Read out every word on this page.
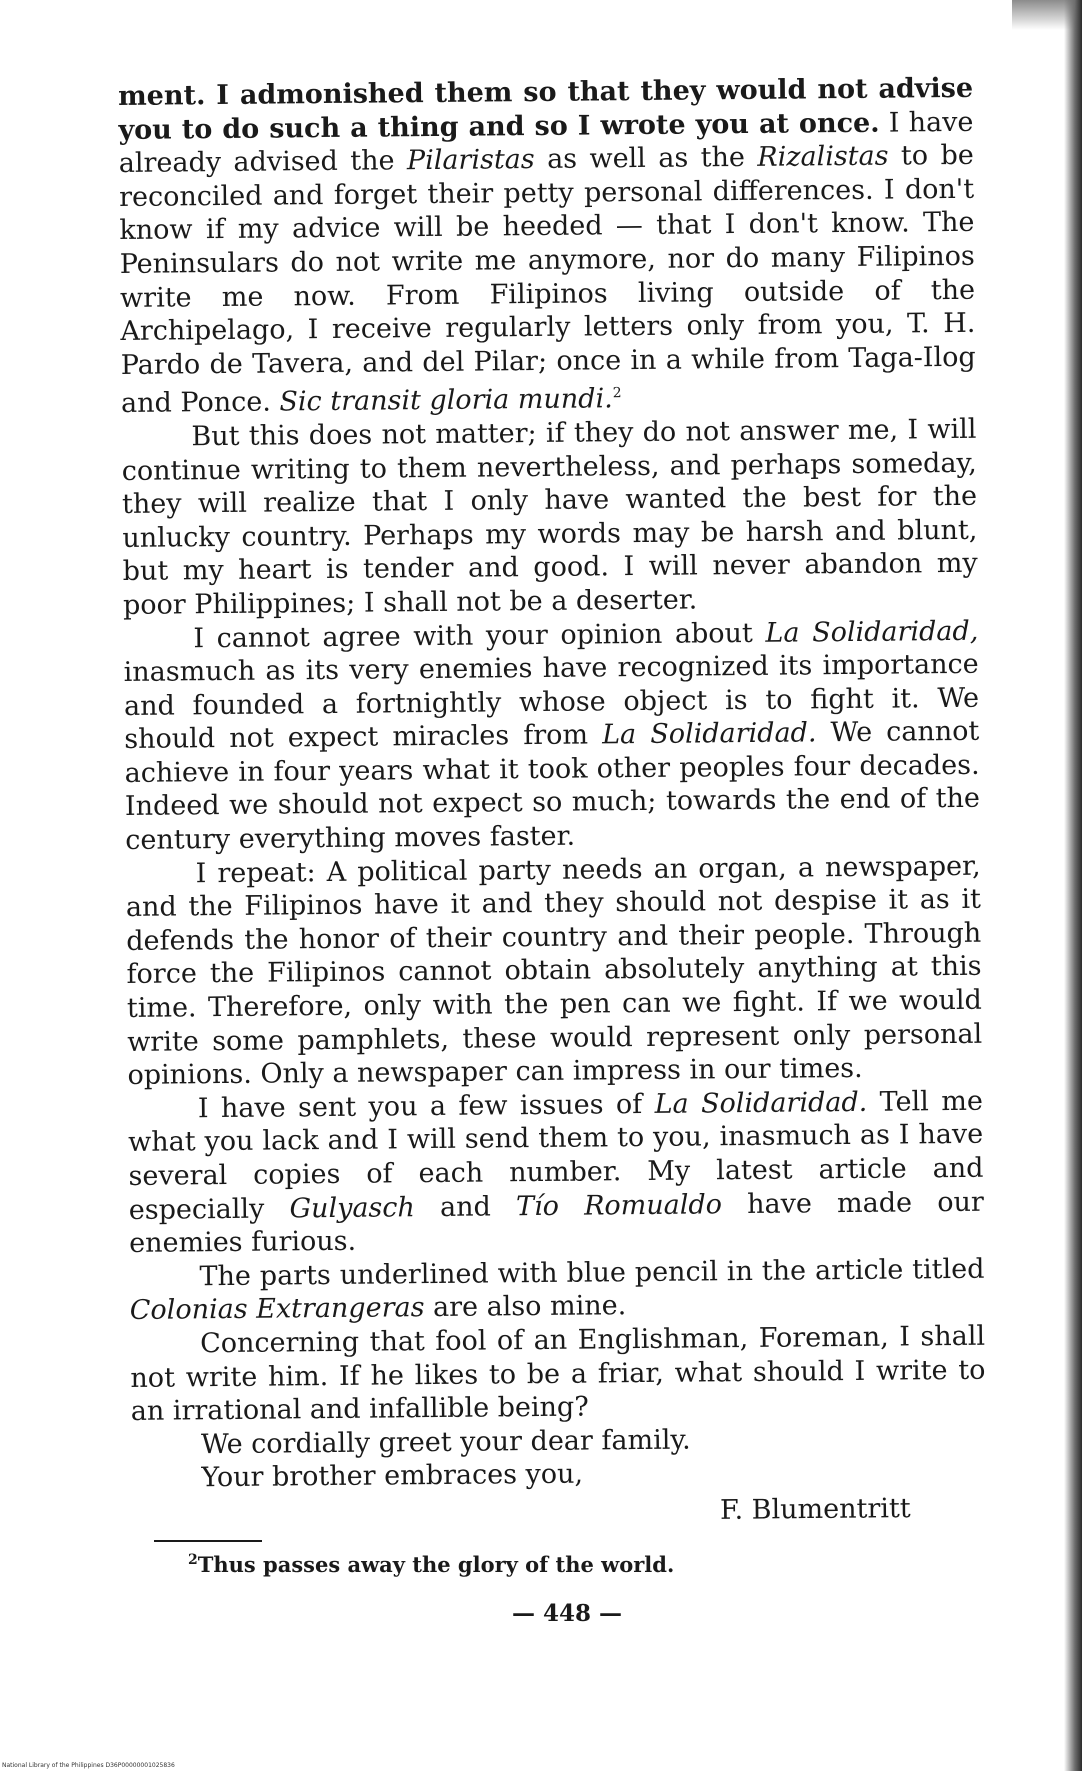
ment. I admonished them so that they would not advise you to do such a thing and so I wrote you at once. I have already advised the Pilaristas as well as the Rizalistas to be reconciled and forget their petty personal differences. I don't know if my advice will be heeded — that I don't know. The Peninsulars do not write me anymore, nor do many Filipinos write me now. From Filipinos living outside of the Archipelago, I receive regularly letters only from you, T. H. Pardo de Tavera, and del Pilar; once in a while from Taga-Ilog and Ponce. Sic transit gloria mundi.$^2$

But this does not matter; if they do not answer me, I will continue writing to them nevertheless, and perhaps someday, they will realize that I only have wanted the best for the unlucky country. Perhaps my words may be harsh and blunt, but my heart is tender and good. I will never abandon my poor Philippines; I shall not be a deserter.

I cannot agree with your opinion about La Solidaridad, inasmuch as its very enemies have recognized its importance and founded a fortnightly whose object is to fight it. We should not expect miracles from La Solidaridad. We cannot achieve in four years what it took other peoples four decades. Indeed we should not expect so much; towards the end of the century everything moves faster.

I repeat: A political party needs an organ, a newspaper, and the Filipinos have it and they should not despise it as it defends the honor of their country and their people. Through force the Filipinos cannot obtain absolutely anything at this time. Therefore, only with the pen can we fight. If we would write some pamphlets, these would represent only personal opinions. Only a newspaper can impress in our times.

I have sent you a few issues of La Solidaridad. Tell me what you lack and I will send them to you, inasmuch as I have several copies of each number. My latest article and especially Gulyasch and Tío Romualdo have made our enemies furious.

The parts underlined with blue pencil in the article titled Colonias Extrangeras are also mine.

Concerning that fool of an Englishman, Foreman, I shall not write him. If he likes to be a friar, what should I write to an irrational and infallible being?

We cordially greet your dear family.

Your brother embraces you,

F. Blumentritt
$^2$Thus passes away the glory of the world.
— 448 —
National Library of the Philippines D36P00000001025836
